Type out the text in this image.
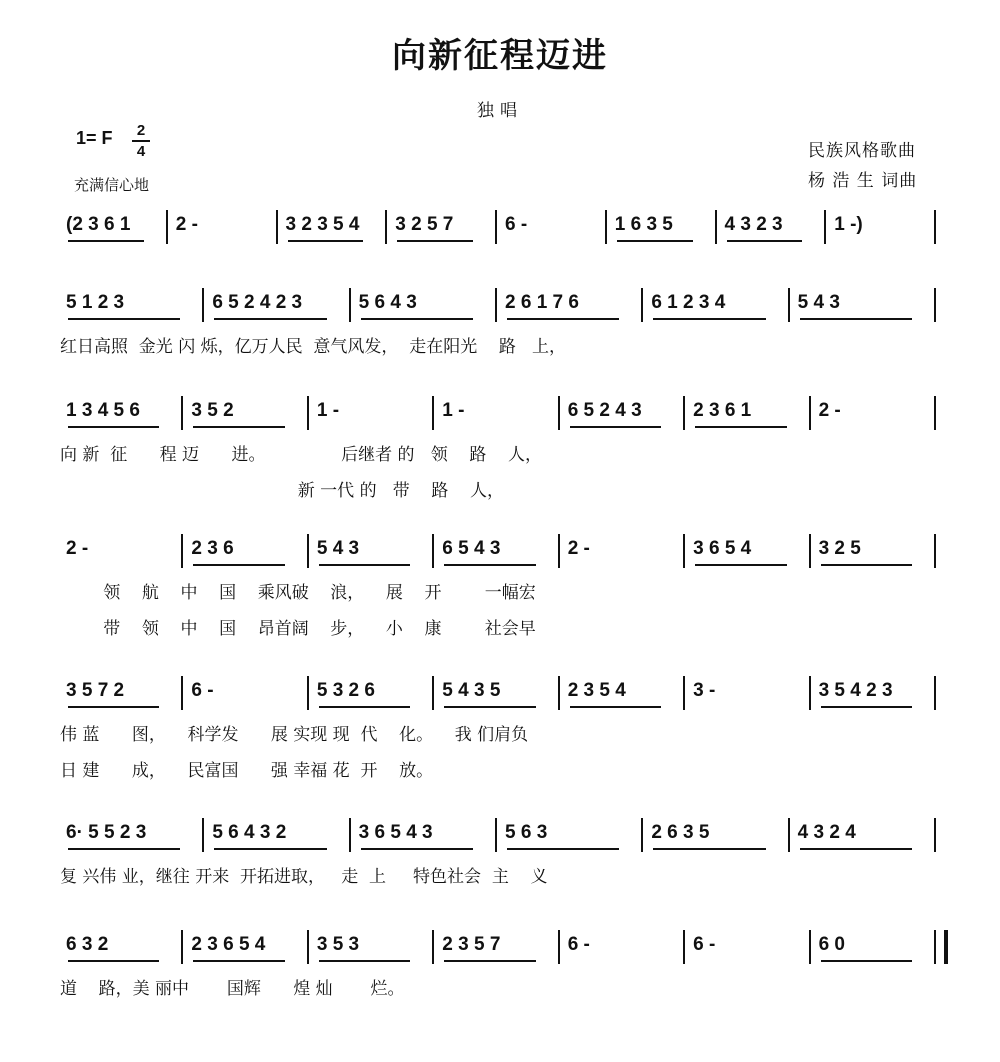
向新征程迈进
独唱
1= F	2
4
充满信心地
民族风格歌曲
杨 浩 生 词曲
(2 3 6 1 2 -	3 2 3 5 4 3 2 5 7	6 -	1 6 3 5	4 3 2 3	1 -)
5 1 2 3	6 5 2 4 2 3	5 6 4 3	2 6 1 7 6	6 1 2 3 4	5 4 3
红日高照  金光 闪 烁，亿万人民  意气风发，  走在阳光    路   上，
1 3 4 5 6	3 5 2	1 -	1 -	6 5 2 4 3	2 3 6 1	2 -
向 新  征      程 迈      进。              后继者 的   领    路    人，
新 一代 的   带    路    人，
2 -	2 3 6	5 4 3	6 5 4 3	2 -	3 6 5 4	3 2 5
领    航    中    国    乘风破    浪，    展    开        一幅宏
带    领    中    国    昂首阔    步，    小    康        社会早
3 5 7 2	6 -	5 3 2 6	5 4 3 5	2 3 5 4	3 -	3 5 4 2 3
伟 蓝      图，    科学发      展 实现 现  代    化。    我 们肩负
日 建      成，    民富国      强 幸福 花  开    放。
6· 5 5 2 3	5 6 4 3 2	3 6 5 4 3	5 6 3	2 6 3 5	4 3 2 4
复 兴伟 业，继往 开来  开拓进取，   走  上     特色社会  主    义
6 3 2	2 3 6 5 4	3 5 3	2 3 5 7	6 -	6 -	6 0
道    路，美 丽中       国辉      煌 灿       烂。
